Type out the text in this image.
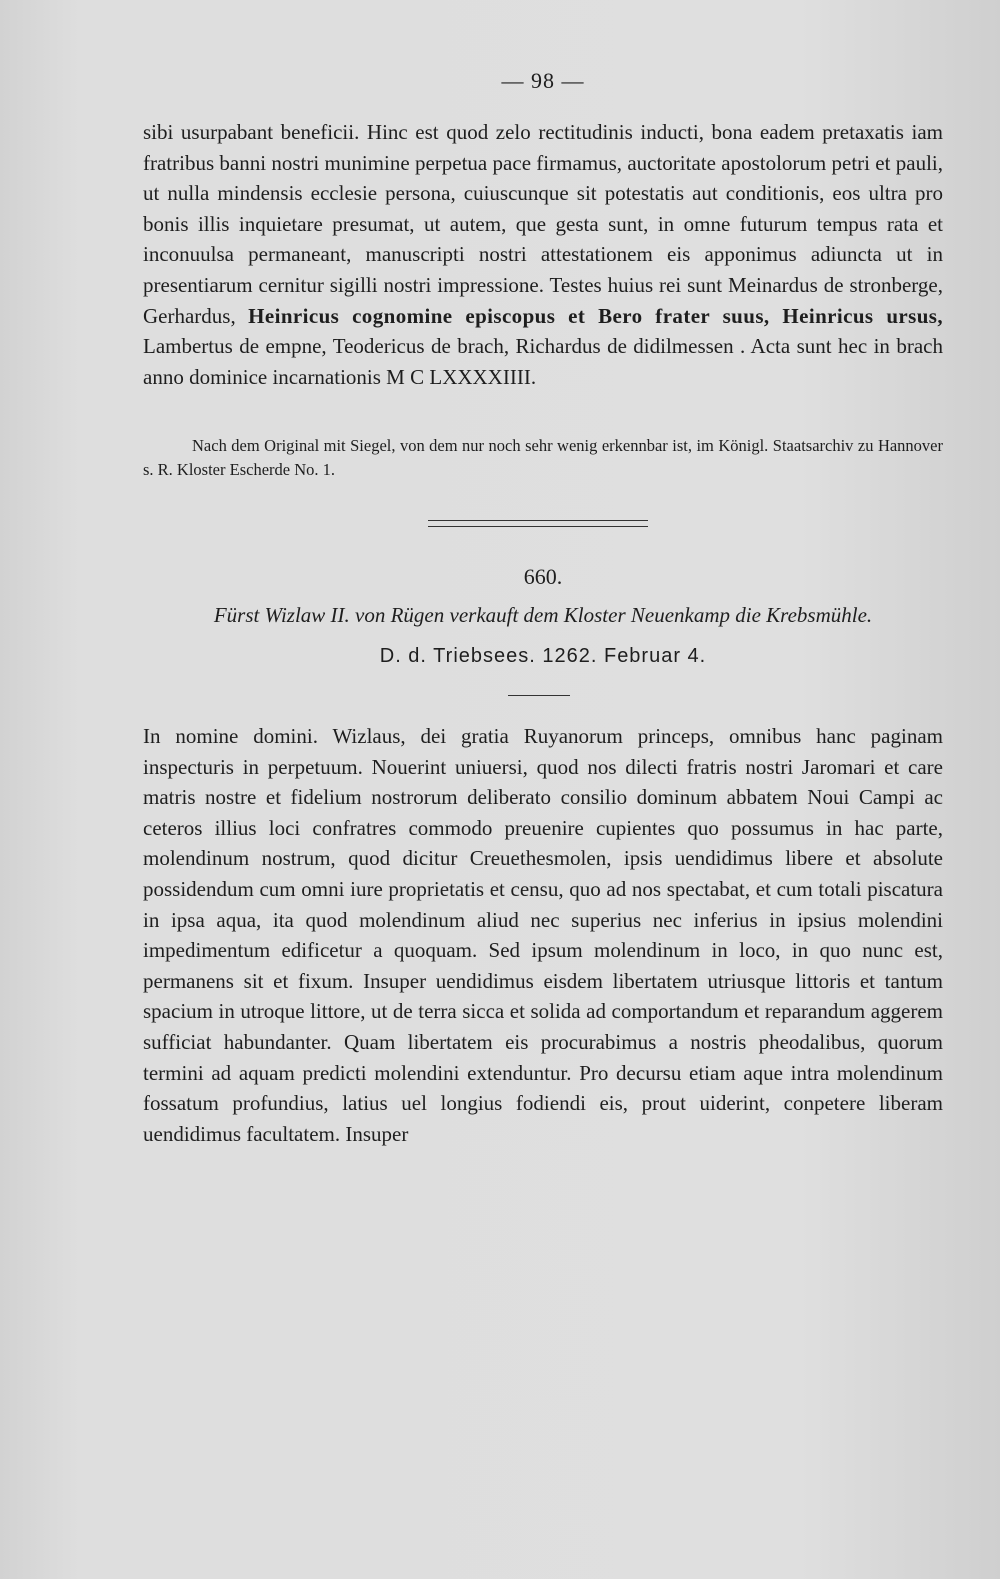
— 98 —

sibi usurpabant beneficii. Hinc est quod zelo rectitudinis inducti, bona eadem pretaxatis iam fratribus banni nostri munimine perpetua pace firmamus, auctoritate apostolorum petri et pauli, ut nulla mindensis ecclesie persona, cuiuscunque sit potestatis aut conditionis, eos ultra pro bonis illis inquietare presumat, ut autem, que gesta sunt, in omne futurum tempus rata et inconuulsa permaneant, manuscripti nostri attestationem eis apponimus adiuncta ut in presentiarum cernitur sigilli nostri impressione. Testes huius rei sunt Meinardus de stronberge, Gerhardus, Heinricus cognomine episcopus et Bero frater suus, Heinricus ursus, Lambertus de empne, Teodericus de brach, Richardus de didilmessen . Acta sunt hec in brach anno dominice incarnationis M C LXXXXIIII.

Nach dem Original mit Siegel, von dem nur noch sehr wenig erkennbar ist, im Königl. Staatsarchiv zu Hannover s. R. Kloster Escherde No. 1.

660.
Fürst Wizlaw II. von Rügen verkauft dem Kloster Neuenkamp die Krebsmühle.
D. d. Triebsees. 1262. Februar 4.

In nomine domini. Wizlaus, dei gratia Ruyanorum princeps, omnibus hanc paginam inspecturis in perpetuum. Nouerint uniuersi, quod nos dilecti fratris nostri Jaromari et care matris nostre et fidelium nostrorum deliberato consilio dominum abbatem Noui Campi ac ceteros illius loci confratres commodo preuenire cupientes quo possumus in hac parte, molendinum nostrum, quod dicitur Creuethesmolen, ipsis uendidimus libere et absolute possidendum cum omni iure proprietatis et censu, quo ad nos spectabat, et cum totali piscatura in ipsa aqua, ita quod molendinum aliud nec superius nec inferius in ipsius molendini impedimentum edificetur a quoquam. Sed ipsum molendinum in loco, in quo nunc est, permanens sit et fixum. Insuper uendidimus eisdem libertatem utriusque littoris et tantum spacium in utroque littore, ut de terra sicca et solida ad comportandum et reparandum aggerem sufficiat habundanter. Quam libertatem eis procurabimus a nostris pheodalibus, quorum termini ad aquam predicti molendini extenduntur. Pro decursu etiam aque intra molendinum fossatum profundius, latius uel longius fodiendi eis, prout uiderint, conpetere liberam uendidimus facultatem. Insuper
